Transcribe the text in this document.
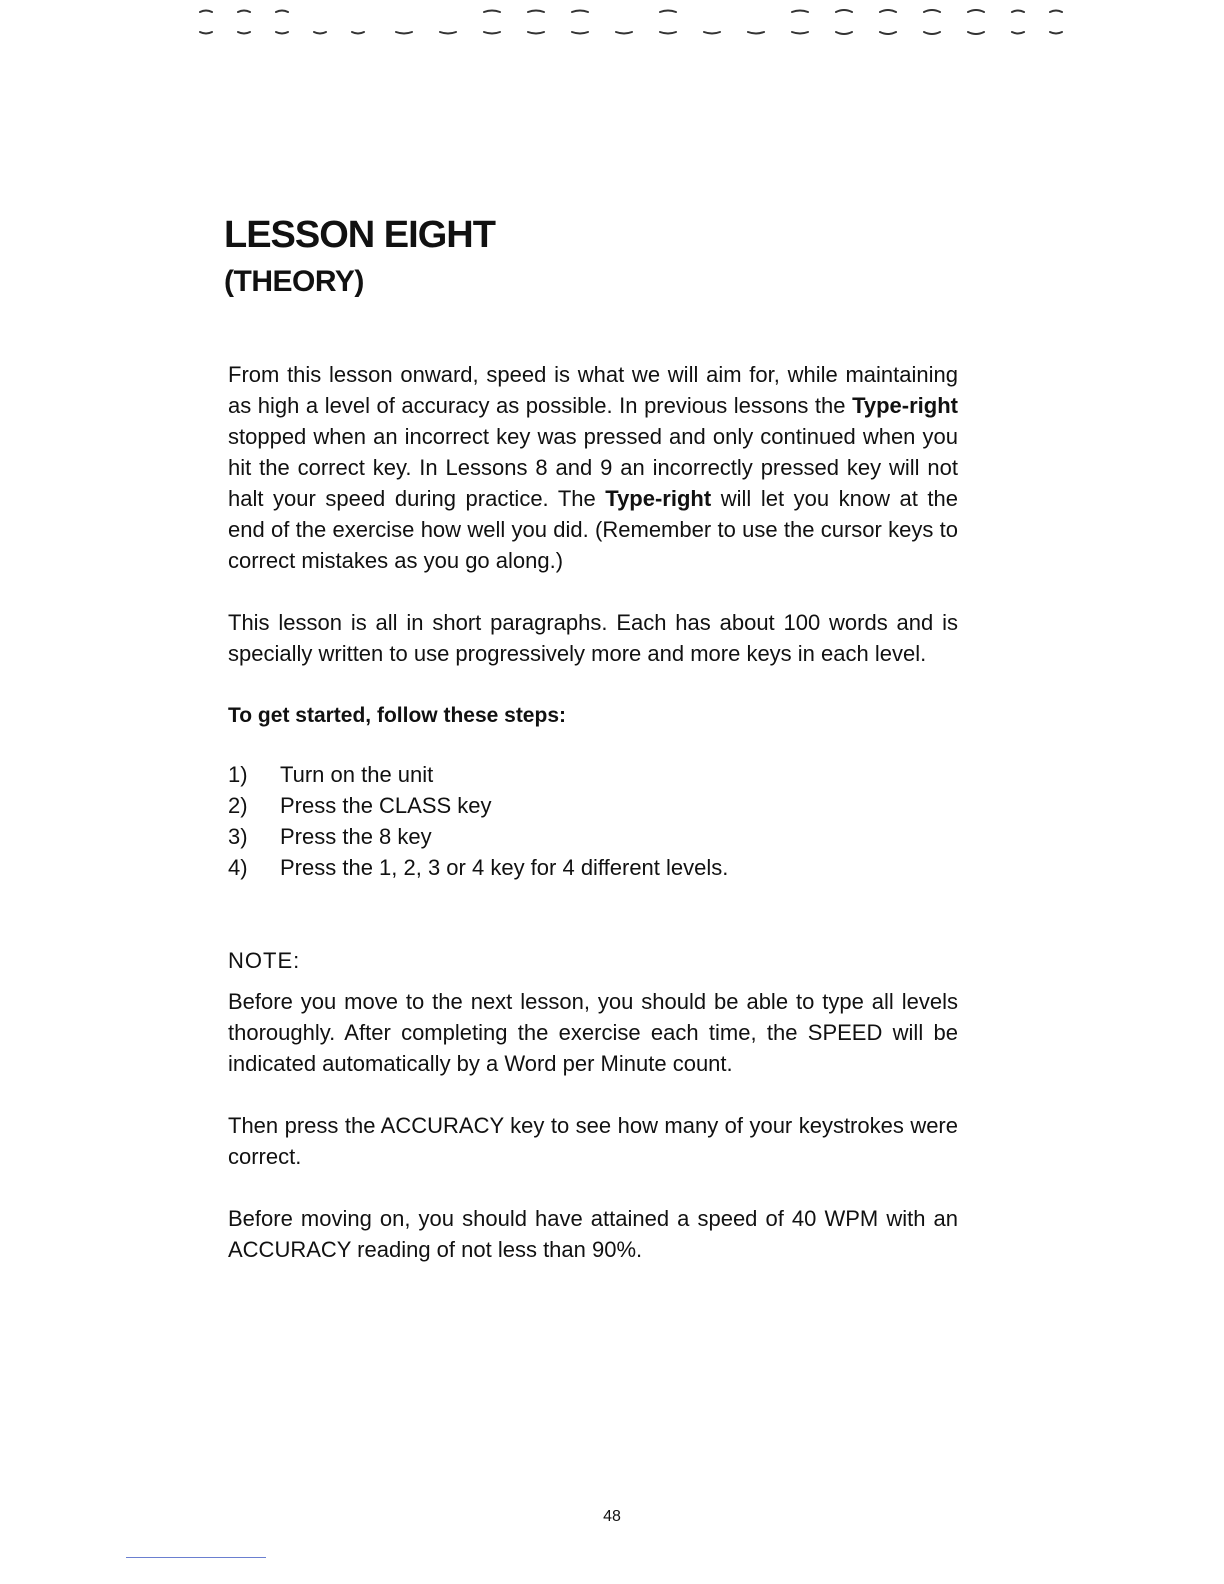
LESSON EIGHT
(THEORY)

From this lesson onward, speed is what we will aim for, while maintaining as high a level of accuracy as possible. In previous lessons the Type-right stopped when an incorrect key was pressed and only continued when you hit the correct key. In Lessons 8 and 9 an incorrectly pressed key will not halt your speed during practice. The Type-right will let you know at the end of the exercise how well you did. (Remember to use the cursor keys to correct mistakes as you go along.)

This lesson is all in short paragraphs. Each has about 100 words and is specially written to use progressively more and more keys in each level.

To get started, follow these steps:

1)	Turn on the unit
2)	Press the CLASS key
3)	Press the 8 key
4)	Press the 1, 2, 3 or 4 key for 4 different levels.

NOTE:

Before you move to the next lesson, you should be able to type all levels thoroughly. After completing the exercise each time, the SPEED will be indicated automatically by a Word per Minute count.

Then press the ACCURACY key to see how many of your keystrokes were correct.

Before moving on, you should have attained a speed of 40 WPM with an ACCURACY reading of not less than 90%.

48
